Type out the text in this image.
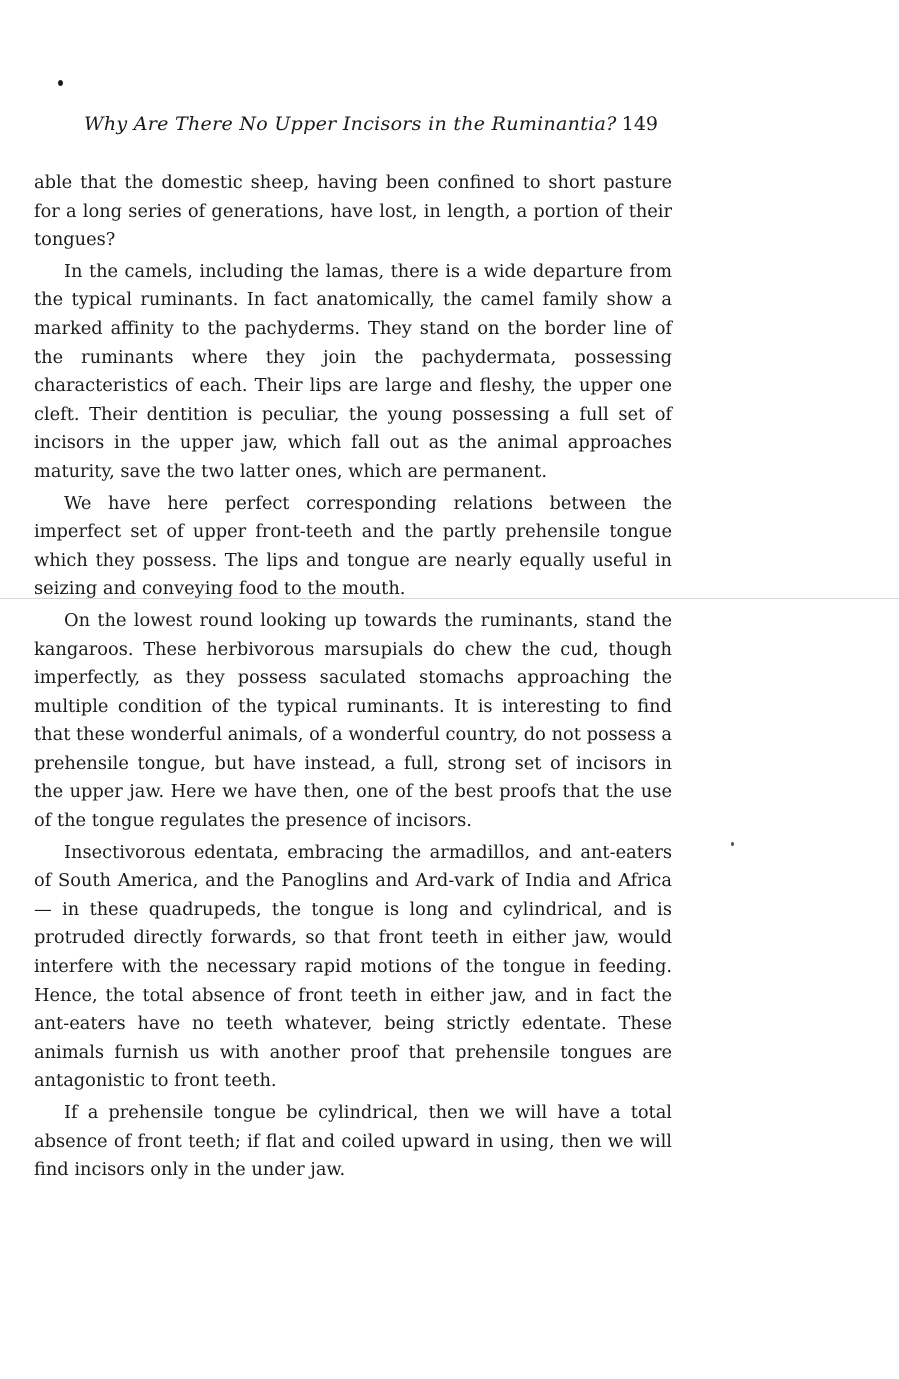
Why Are There No Upper Incisors in the Ruminantia? 149

able that the domestic sheep, having been confined to short pasture for a long series of generations, have lost, in length, a portion of their tongues?

In the camels, including the lamas, there is a wide departure from the typical ruminants. In fact anatomically, the camel family show a marked affinity to the pachyderms. They stand on the border line of the ruminants where they join the pachydermata, possessing characteristics of each. Their lips are large and fleshy, the upper one cleft. Their dentition is peculiar, the young possessing a full set of incisors in the upper jaw, which fall out as the animal approaches maturity, save the two latter ones, which are permanent.

We have here perfect corresponding relations between the imperfect set of upper front-teeth and the partly prehensile tongue which they possess. The lips and tongue are nearly equally useful in seizing and conveying food to the mouth.

On the lowest round looking up towards the ruminants, stand the kangaroos. These herbivorous marsupials do chew the cud, though imperfectly, as they possess saculated stomachs approaching the multiple condition of the typical ruminants. It is interesting to find that these wonderful animals, of a wonderful country, do not possess a prehensile tongue, but have instead, a full, strong set of incisors in the upper jaw. Here we have then, one of the best proofs that the use of the tongue regulates the presence of incisors.

Insectivorous edentata, embracing the armadillos, and ant-eaters of South America, and the Panoglins and Ard-vark of India and Africa — in these quadrupeds, the tongue is long and cylindrical, and is protruded directly forwards, so that front teeth in either jaw, would interfere with the necessary rapid motions of the tongue in feeding. Hence, the total absence of front teeth in either jaw, and in fact the ant-eaters have no teeth whatever, being strictly edentate. These animals furnish us with another proof that prehensile tongues are antagonistic to front teeth.

If a prehensile tongue be cylindrical, then we will have a total absence of front teeth; if flat and coiled upward in using, then we will find incisors only in the under jaw.
